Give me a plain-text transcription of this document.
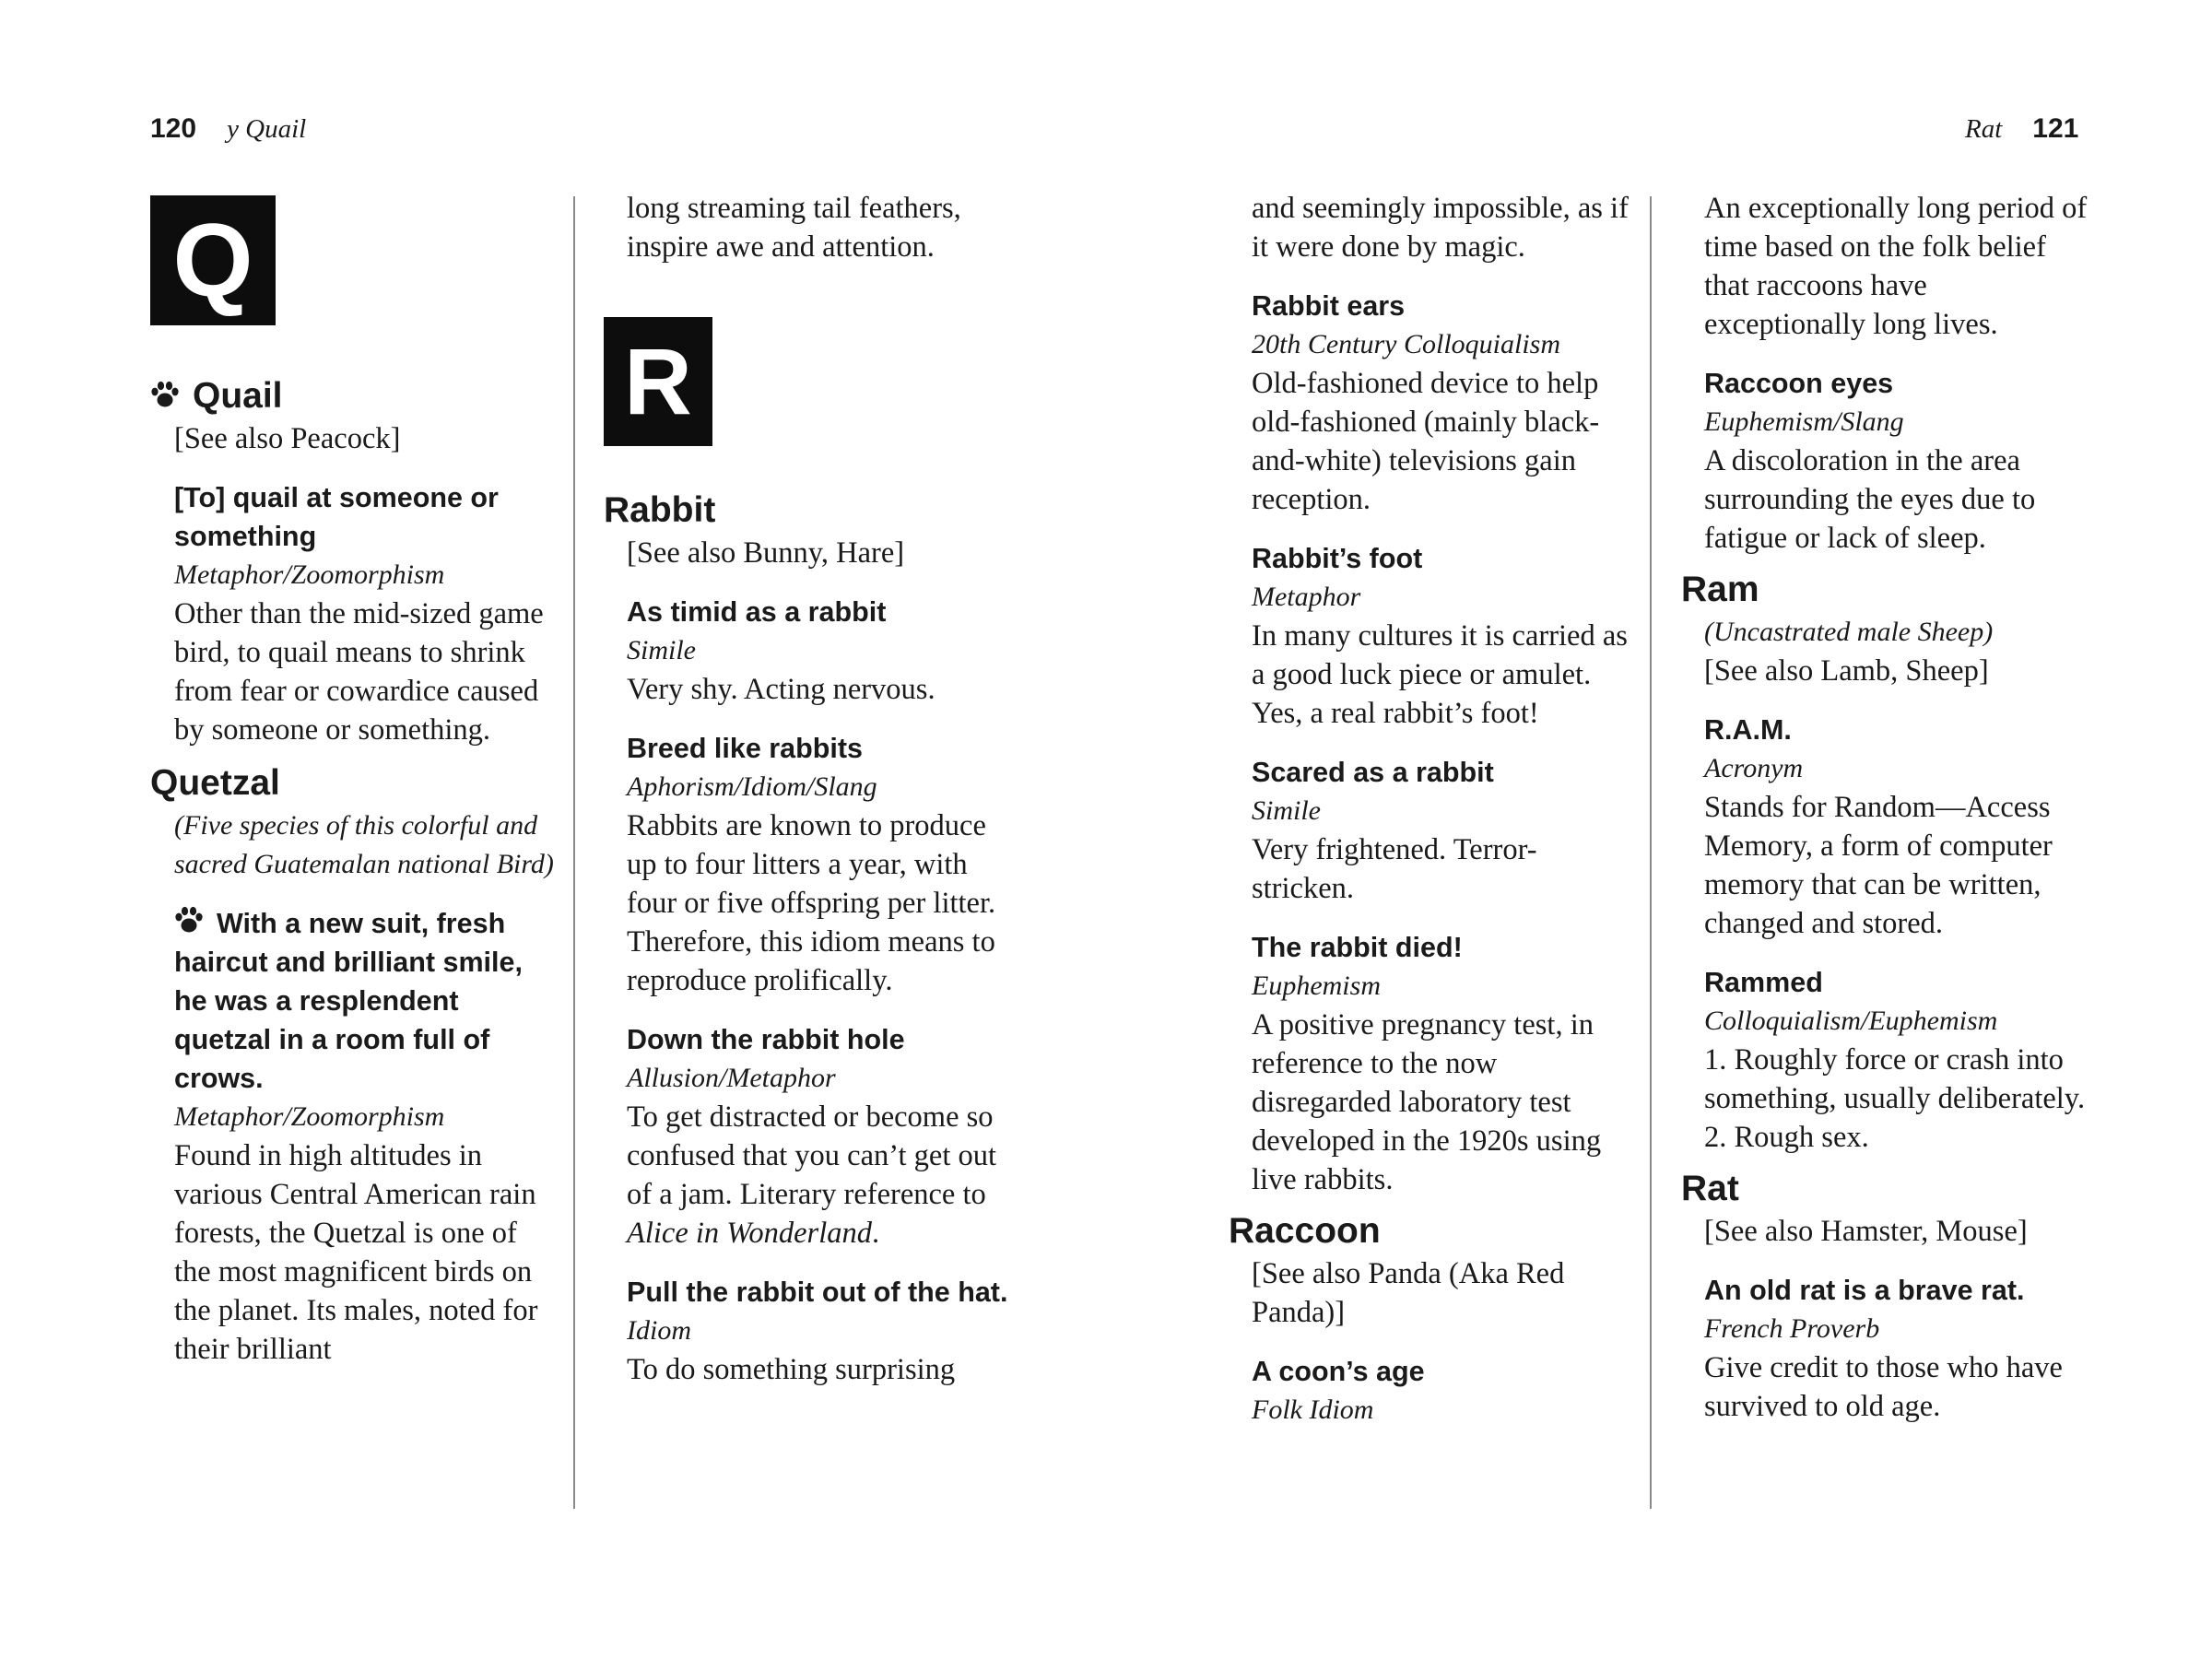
120 y Quail	Rat 121
Q
Quail

[See also Peacock]

[To] quail at someone or something

Metaphor/Zoomorphism

Other than the mid-sized game bird, to quail means to shrink from fear or cowardice caused by someone or something.

Quetzal

(Five species of this colorful and sacred Guatemalan national Bird)

With a new suit, fresh haircut and brilliant smile, he was a resplendent quetzal in a room full of crows.

Metaphor/Zoomorphism

Found in high altitudes in various Central American rain forests, the Quetzal is one of the most magnificent birds on the planet. Its males, noted for their brilliant

long streaming tail feathers, inspire awe and attention.

R
Rabbit

[See also Bunny, Hare]

As timid as a rabbit

Simile

Very shy. Acting nervous.

Breed like rabbits

Aphorism/Idiom/Slang

Rabbits are known to produce up to four litters a year, with four or five offspring per litter. Therefore, this idiom means to reproduce prolifically.

Down the rabbit hole

Allusion/Metaphor

To get distracted or become so confused that you can’t get out of a jam. Literary reference to Alice in Wonderland.

Pull the rabbit out of the hat.

Idiom

To do something surprising

and seemingly impossible, as if it were done by magic.

Rabbit ears

20th Century Colloquialism

Old-fashioned device to help old-fashioned (mainly black-and-white) televisions gain reception.

Rabbit’s foot

Metaphor

In many cultures it is carried as a good luck piece or amulet. Yes, a real rabbit’s foot!

Scared as a rabbit

Simile

Very frightened. Terror-stricken.

The rabbit died!

Euphemism

A positive pregnancy test, in reference to the now disregarded laboratory test developed in the 1920s using live rabbits.

Raccoon

[See also Panda (Aka Red Panda)]

A coon’s age

Folk Idiom

An exceptionally long period of time based on the folk belief that raccoons have exceptionally long lives.

Raccoon eyes

Euphemism/Slang

A discoloration in the area surrounding the eyes due to fatigue or lack of sleep.

Ram

(Uncastrated male Sheep)

[See also Lamb, Sheep]

R.A.M.

Acronym

Stands for Random—Access Memory, a form of computer memory that can be written, changed and stored.

Rammed

Colloquialism/Euphemism

1. Roughly force or crash into something, usually deliberately.

2. Rough sex.

Rat

[See also Hamster, Mouse]

An old rat is a brave rat.

French Proverb

Give credit to those who have survived to old age.
